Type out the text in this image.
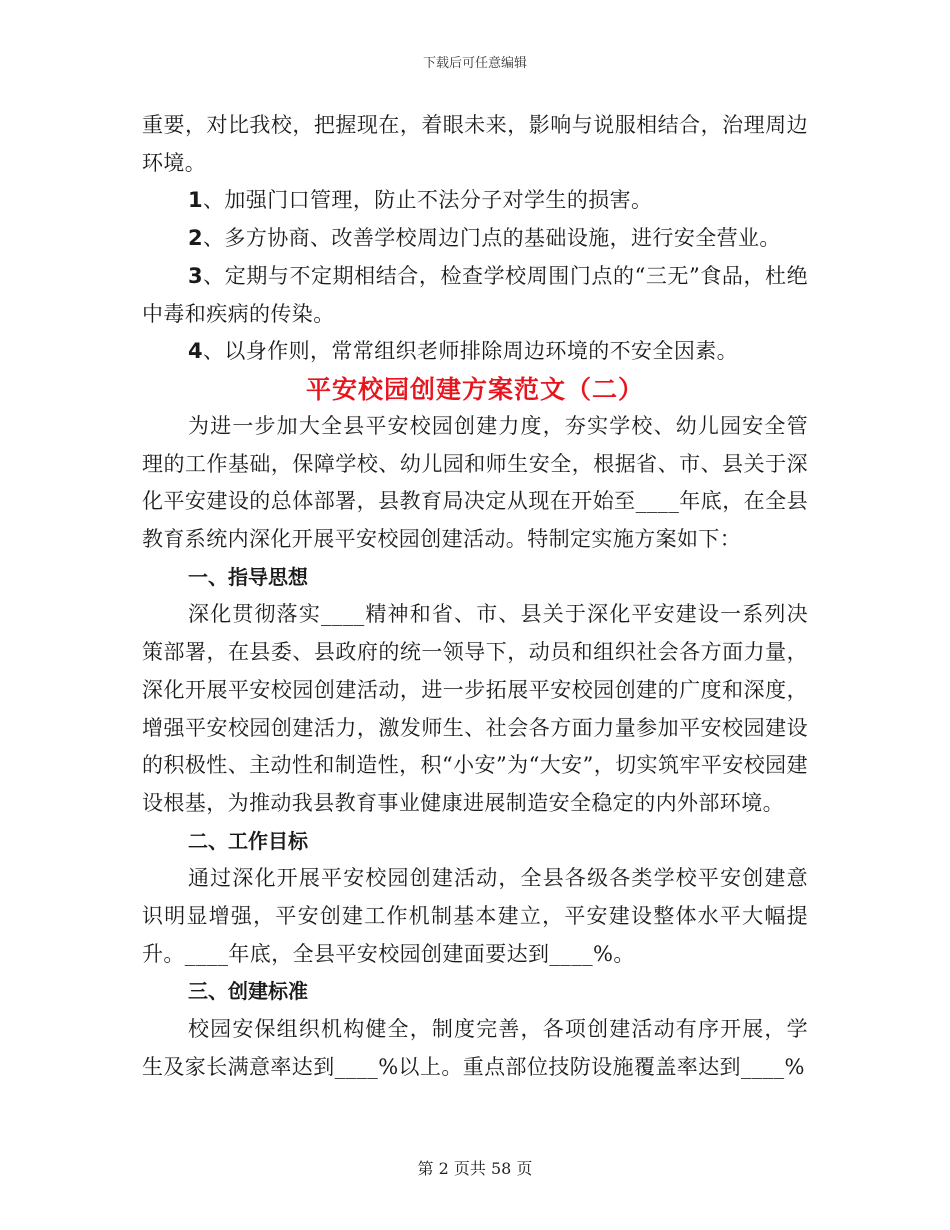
下载后可任意编辑

重要，对比我校，把握现在，着眼未来，影响与说服相结合，治理周边环境。

1、加强门口管理，防止不法分子对学生的损害。

2、多方协商、改善学校周边门点的基础设施，进行安全营业。

3、定期与不定期相结合，检查学校周围门点的“三无”食品，杜绝中毒和疾病的传染。

4、以身作则，常常组织老师排除周边环境的不安全因素。

平安校园创建方案范文（二）

为进一步加大全县平安校园创建力度，夯实学校、幼儿园安全管理的工作基础，保障学校、幼儿园和师生安全，根据省、市、县关于深化平安建设的总体部署，县教育局决定从现在开始至____年底，在全县教育系统内深化开展平安校园创建活动。特制定实施方案如下：

一、指导思想

深化贯彻落实____精神和省、市、县关于深化平安建设一系列决策部署，在县委、县政府的统一领导下，动员和组织社会各方面力量，深化开展平安校园创建活动，进一步拓展平安校园创建的广度和深度，增强平安校园创建活力，激发师生、社会各方面力量参加平安校园建设的积极性、主动性和制造性，积“小安”为“大安”，切实筑牢平安校园建设根基，为推动我县教育事业健康进展制造安全稳定的内外部环境。

二、工作目标

通过深化开展平安校园创建活动，全县各级各类学校平安创建意识明显增强，平安创建工作机制基本建立，平安建设整体水平大幅提升。____年底，全县平安校园创建面要达到____%。

三、创建标准

校园安保组织机构健全，制度完善，各项创建活动有序开展，学生及家长满意率达到____%以上。重点部位技防设施覆盖率达到____%

第 2 页共 58 页
